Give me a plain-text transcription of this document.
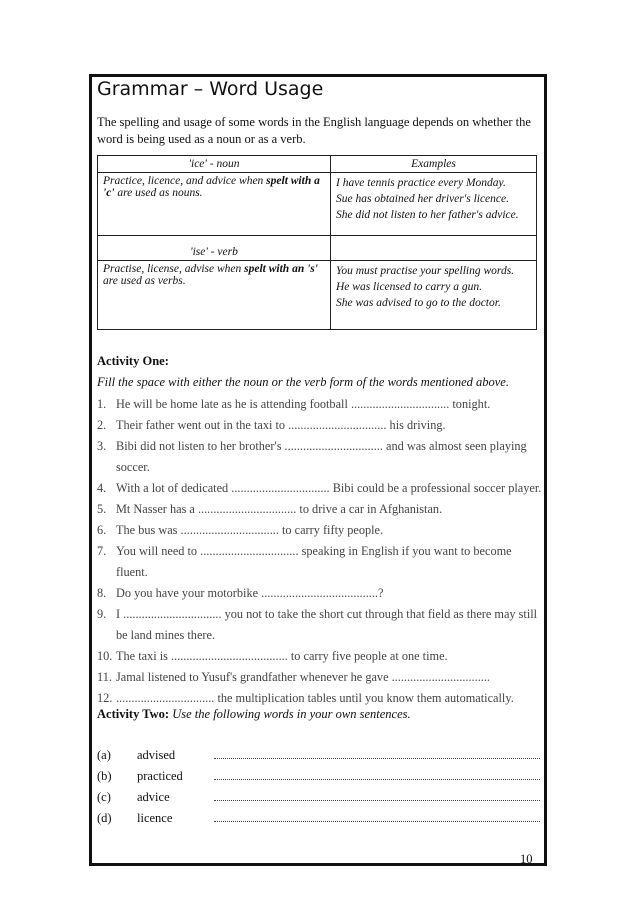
Grammar – Word Usage

The spelling and usage of some words in the English language depends on whether the word is being used as a noun or as a verb.

'ice' - noun	Examples
Practice, licence, and advice when spelt with a 'c' are used as nouns.	I have tennis practice every Monday.
Sue has obtained her driver's licence.
She did not listen to her father's advice.

'ise' - verb	
Practise, license, advise when spelt with an 's' are used as verbs.	You must practise your spelling words.
He was licensed to carry a gun.
She was advised to go to the doctor.

Activity One:

Fill the space with either the noun or the verb form of the words mentioned above.

1. He will be home late as he is attending football ................................ tonight.
2. Their father went out in the taxi to ................................ his driving.
3. Bibi did not listen to her brother's ................................ and was almost seen playing soccer.
4. With a lot of dedicated ................................ Bibi could be a professional soccer player.
5. Mt Nasser has a ................................ to drive a car in Afghanistan.
6. The bus was ................................ to carry fifty people.
7. You will need to ................................ speaking in English if you want to become fluent.
8. Do you have your motorbike ......................................?
9. I ................................ you not to take the short cut through that field as there may still be land mines there.
10. The taxi is ...................................... to carry five people at one time.
11. Jamal listened to Yusuf's grandfather whenever he gave ................................
12. ................................ the multiplication tables until you know them automatically.

Activity Two: Use the following words in your own sentences.

(a) advised
(b) practiced
(c) advice
(d) licence

10
